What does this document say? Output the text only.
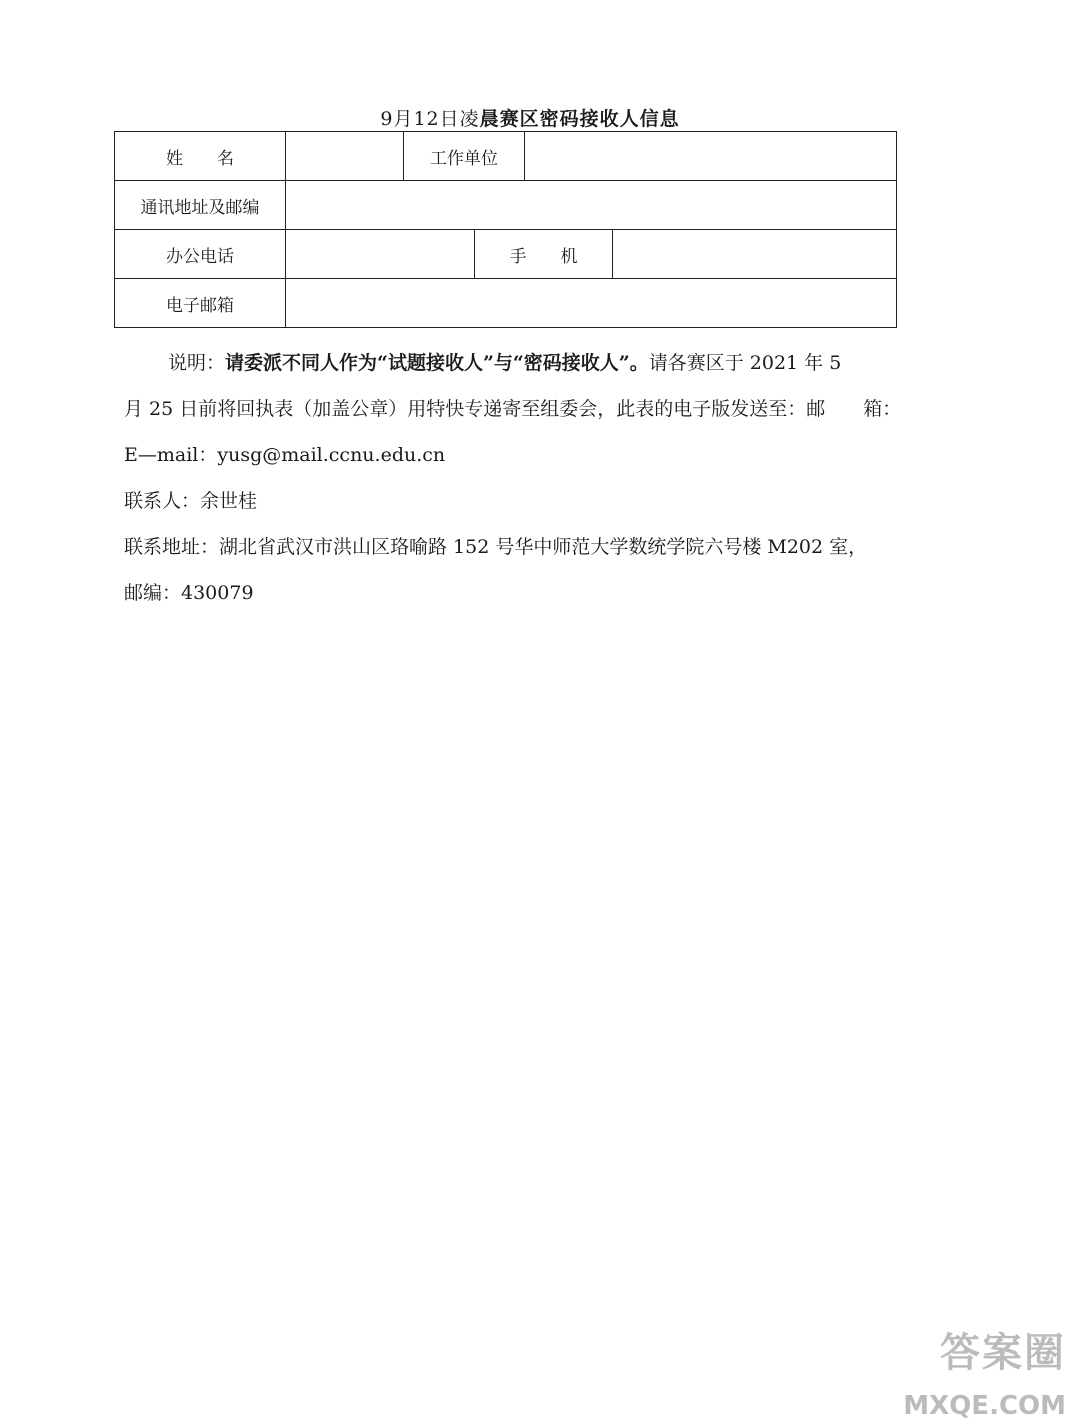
9月12日凌晨赛区密码接收人信息
姓　　名		工作单位			
通讯地址及邮编					
办公电话			手　　机		
电子邮箱					

说明：请委派不同人作为“试题接收人”与“密码接收人”。请各赛区于 2021 年 5

月 25 日前将回执表（加盖公章）用特快专递寄至组委会，此表的电子版发送至：邮　　箱：

E—mail：yusg@mail.ccnu.edu.cn

联系人：余世桂

联系地址：湖北省武汉市洪山区珞喻路 152 号华中师范大学数统学院六号楼 M202 室，

邮编：430079

答案圈
MXQE.COM
